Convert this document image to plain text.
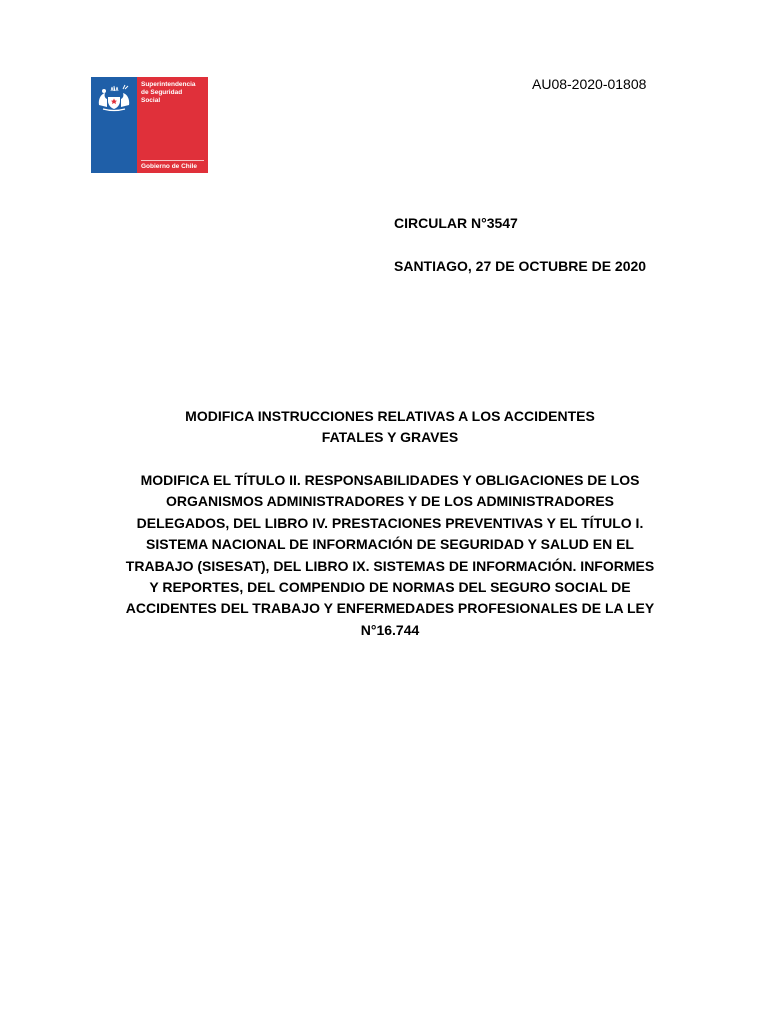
Superintendencia
de Seguridad
Social
Gobierno de Chile
AU08-2020-01808
CIRCULAR N°3547
SANTIAGO, 27 DE OCTUBRE DE 2020
MODIFICA INSTRUCCIONES RELATIVAS A LOS ACCIDENTES
FATALES Y GRAVES
MODIFICA EL TÍTULO II. RESPONSABILIDADES Y OBLIGACIONES DE LOS
ORGANISMOS ADMINISTRADORES Y DE LOS ADMINISTRADORES
DELEGADOS, DEL LIBRO IV. PRESTACIONES PREVENTIVAS Y EL TÍTULO I.
SISTEMA NACIONAL DE INFORMACIÓN DE SEGURIDAD Y SALUD EN EL
TRABAJO (SISESAT), DEL LIBRO IX. SISTEMAS DE INFORMACIÓN. INFORMES
Y REPORTES, DEL COMPENDIO DE NORMAS DEL SEGURO SOCIAL DE
ACCIDENTES DEL TRABAJO Y ENFERMEDADES PROFESIONALES DE LA LEY
N°16.744
